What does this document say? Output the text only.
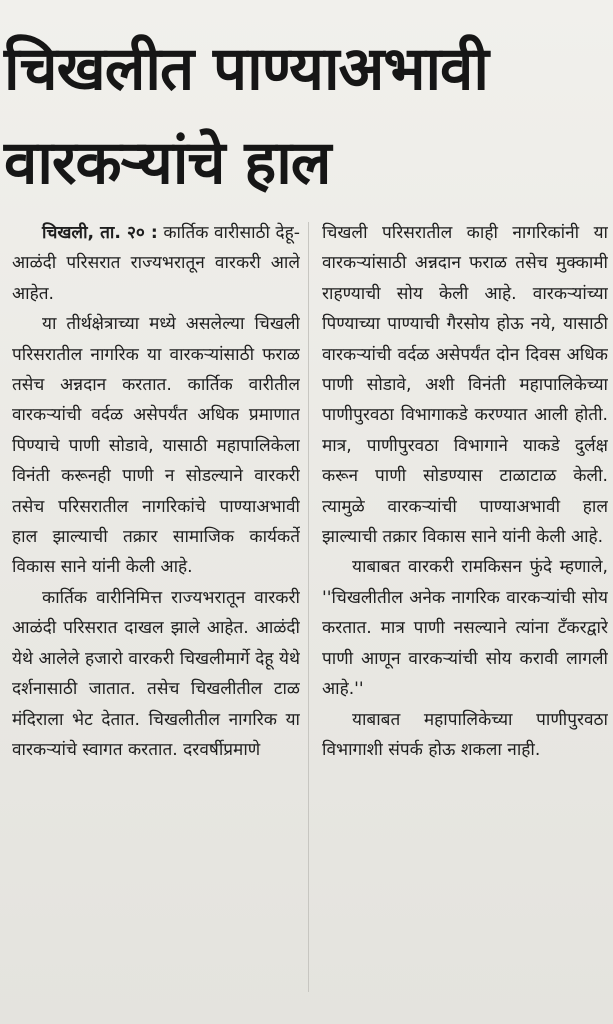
चिखलीत पाण्याअभावी
वारकऱ्यांचे हाल

चिखली, ता. २० : कार्तिक वारीसाठी देहू-आळंदी परिसरात राज्यभरातून वारकरी आले आहेत.

या तीर्थक्षेत्राच्या मध्ये असलेल्या चिखली परिसरातील नागरिक या वारकऱ्यांसाठी फराळ तसेच अन्नदान करतात. कार्तिक वारीतील वारकऱ्यांची वर्दळ असेपर्यंत अधिक प्रमाणात पिण्याचे पाणी सोडावे, यासाठी महापालिकेला विनंती करूनही पाणी न सोडल्याने वारकरी तसेच परिसरातील नागरिकांचे पाण्याअभावी हाल झाल्याची तक्रार सामाजिक कार्यकर्ते विकास साने यांनी केली आहे.

कार्तिक वारीनिमित्त राज्यभरातून वारकरी आळंदी परिसरात दाखल झाले आहेत. आळंदी येथे आलेले हजारो वारकरी चिखलीमार्गे देहू येथे दर्शनासाठी जातात. तसेच चिखलीतील टाळ मंदिराला भेट देतात. चिखलीतील नागरिक या वारकऱ्यांचे स्वागत करतात. दरवर्षीप्रमाणे

चिखली परिसरातील काही नागरिकांनी या वारकऱ्यांसाठी अन्नदान फराळ तसेच मुक्कामी राहण्याची सोय केली आहे. वारकऱ्यांच्या पिण्याच्या पाण्याची गैरसोय होऊ नये, यासाठी वारकऱ्यांची वर्दळ असेपर्यंत दोन दिवस अधिक पाणी सोडावे, अशी विनंती महापालिकेच्या पाणीपुरवठा विभागाकडे करण्यात आली होती. मात्र, पाणीपुरवठा विभागाने याकडे दुर्लक्ष करून पाणी सोडण्यास टाळाटाळ केली. त्यामुळे वारकऱ्यांची पाण्याअभावी हाल झाल्याची तक्रार विकास साने यांनी केली आहे.

याबाबत वारकरी रामकिसन फुंदे म्हणाले, ''चिखलीतील अनेक नागरिक वारकऱ्यांची सोय करतात. मात्र पाणी नसल्याने त्यांना टँकरद्वारे पाणी आणून वारकऱ्यांची सोय करावी लागली आहे.''

याबाबत महापालिकेच्या पाणीपुरवठा विभागाशी संपर्क होऊ शकला नाही.
